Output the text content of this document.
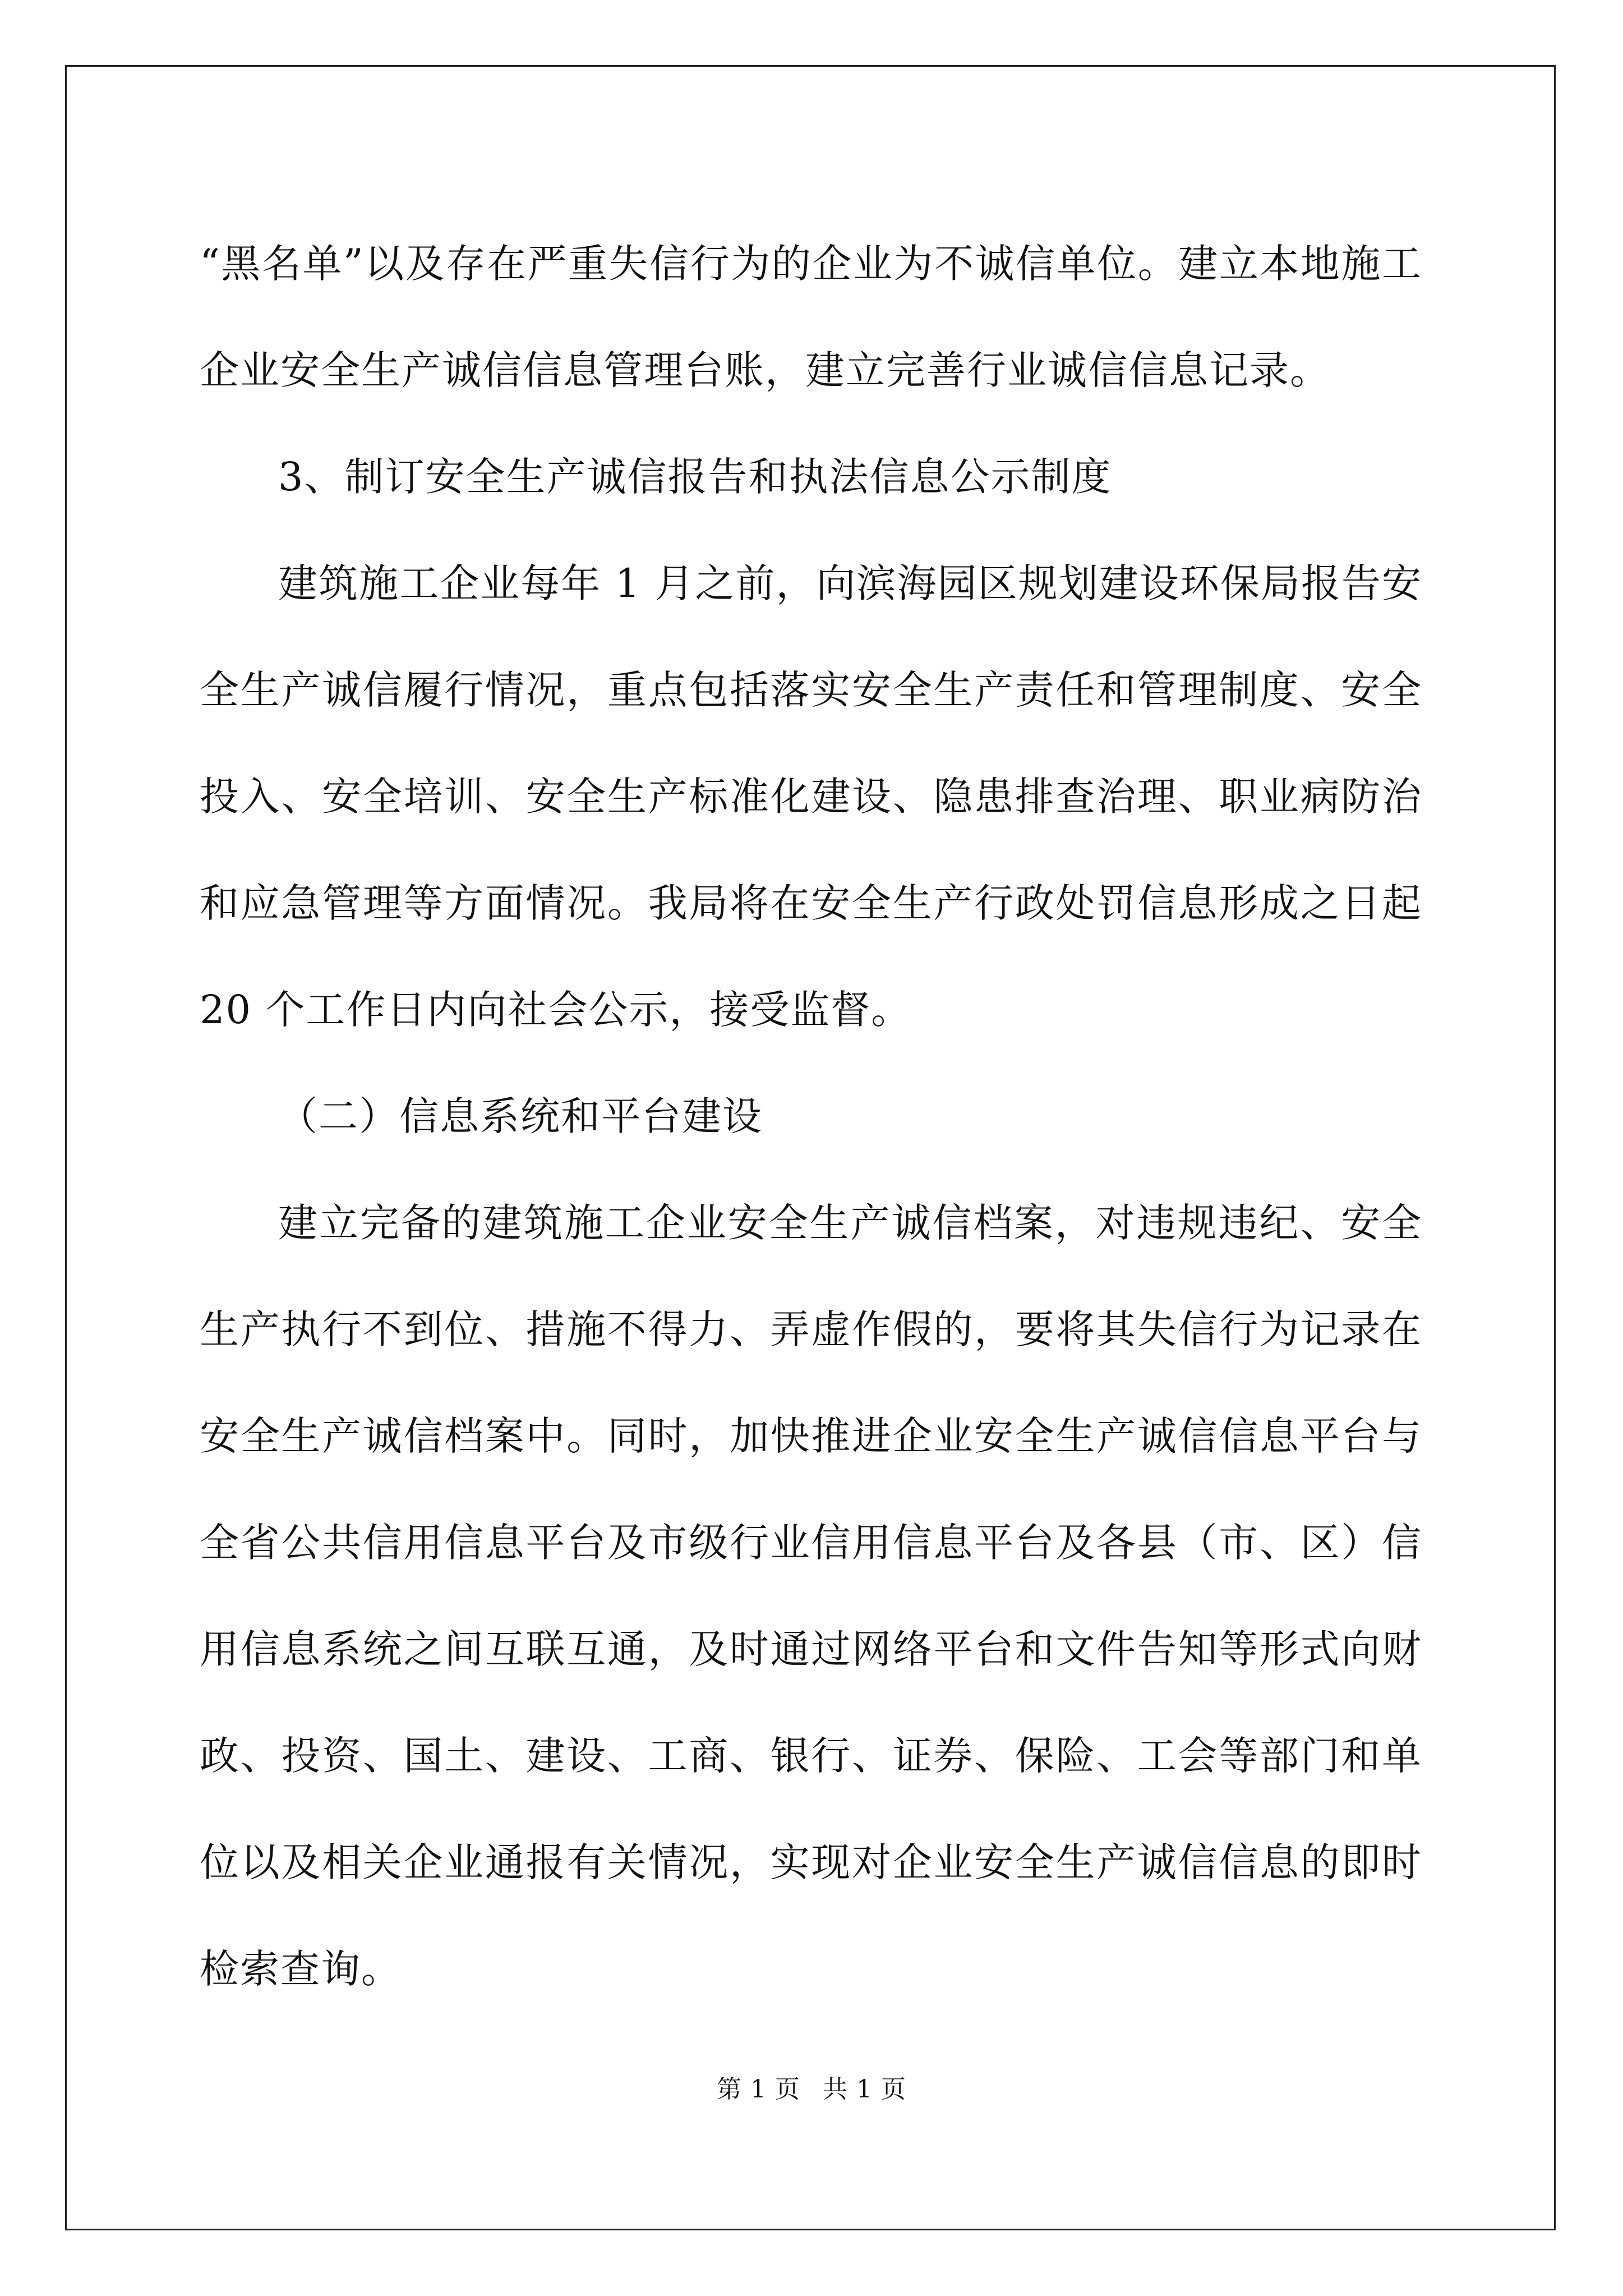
“黑名单”以及存在严重失信行为的企业为不诚信单位。建立本地施工企业安全生产诚信信息管理台账，建立完善行业诚信信息记录。

3、制订安全生产诚信报告和执法信息公示制度

建筑施工企业每年 1 月之前，向滨海园区规划建设环保局报告安全生产诚信履行情况，重点包括落实安全生产责任和管理制度、安全投入、安全培训、安全生产标准化建设、隐患排查治理、职业病防治和应急管理等方面情况。我局将在安全生产行政处罚信息形成之日起 20 个工作日内向社会公示，接受监督。

（二）信息系统和平台建设

建立完备的建筑施工企业安全生产诚信档案，对违规违纪、安全生产执行不到位、措施不得力、弄虚作假的，要将其失信行为记录在安全生产诚信档案中。同时，加快推进企业安全生产诚信信息平台与全省公共信用信息平台及市级行业信用信息平台及各县（市、区）信用信息系统之间互联互通，及时通过网络平台和文件告知等形式向财政、投资、国土、建设、工商、银行、证券、保险、工会等部门和单位以及相关企业通报有关情况，实现对企业安全生产诚信信息的即时检索查询。

第 1 页 共 1 页
